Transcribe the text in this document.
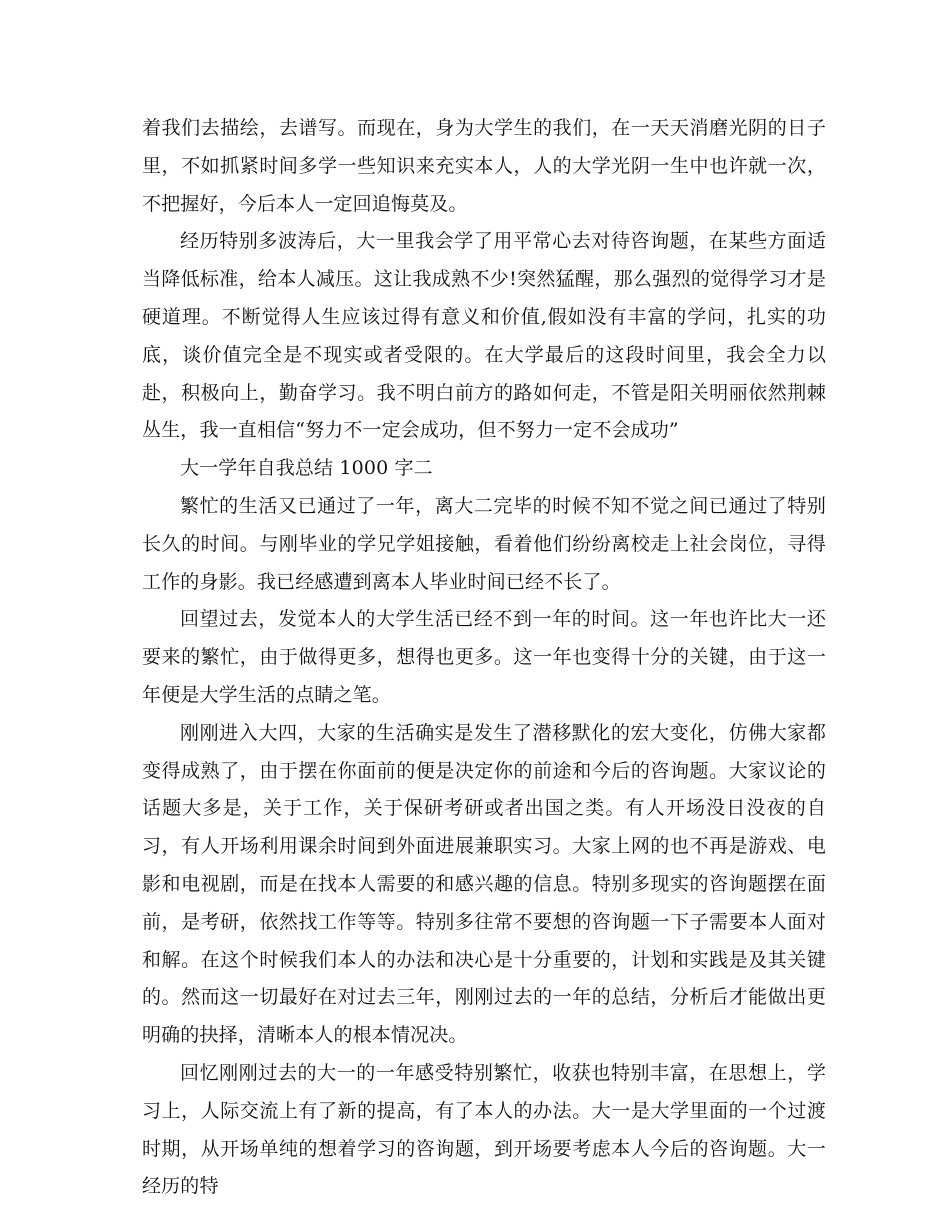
着我们去描绘，去谱写。而现在，身为大学生的我们，在一天天消磨光阴的日子里，不如抓紧时间多学一些知识来充实本人，人的大学光阴一生中也许就一次，不把握好，今后本人一定回追悔莫及。

经历特别多波涛后，大一里我会学了用平常心去对待咨询题，在某些方面适当降低标准，给本人减压。这让我成熟不少!突然猛醒，那么强烈的觉得学习才是硬道理。不断觉得人生应该过得有意义和价值,假如没有丰富的学问，扎实的功底，谈价值完全是不现实或者受限的。在大学最后的这段时间里，我会全力以赴，积极向上，勤奋学习。我不明白前方的路如何走，不管是阳关明丽依然荆棘丛生，我一直相信“努力不一定会成功，但不努力一定不会成功”

大一学年自我总结 1000 字二

繁忙的生活又已通过了一年，离大二完毕的时候不知不觉之间已通过了特别长久的时间。与刚毕业的学兄学姐接触，看着他们纷纷离校走上社会岗位，寻得工作的身影。我已经感遭到离本人毕业时间已经不长了。

回望过去，发觉本人的大学生活已经不到一年的时间。这一年也许比大一还要来的繁忙，由于做得更多，想得也更多。这一年也变得十分的关键，由于这一年便是大学生活的点睛之笔。

刚刚进入大四，大家的生活确实是发生了潜移默化的宏大变化，仿佛大家都变得成熟了，由于摆在你面前的便是决定你的前途和今后的咨询题。大家议论的话题大多是，关于工作，关于保研考研或者出国之类。有人开场没日没夜的自习，有人开场利用课余时间到外面进展兼职实习。大家上网的也不再是游戏、电影和电视剧，而是在找本人需要的和感兴趣的信息。特别多现实的咨询题摆在面前，是考研，依然找工作等等。特别多往常不要想的咨询题一下子需要本人面对和解。在这个时候我们本人的办法和决心是十分重要的，计划和实践是及其关键的。然而这一切最好在对过去三年，刚刚过去的一年的总结，分析后才能做出更明确的抉择，清晰本人的根本情况决。

回忆刚刚过去的大一的一年感受特别繁忙，收获也特别丰富，在思想上，学习上，人际交流上有了新的提高，有了本人的办法。大一是大学里面的一个过渡时期，从开场单纯的想着学习的咨询题，到开场要考虑本人今后的咨询题。大一经历的特
